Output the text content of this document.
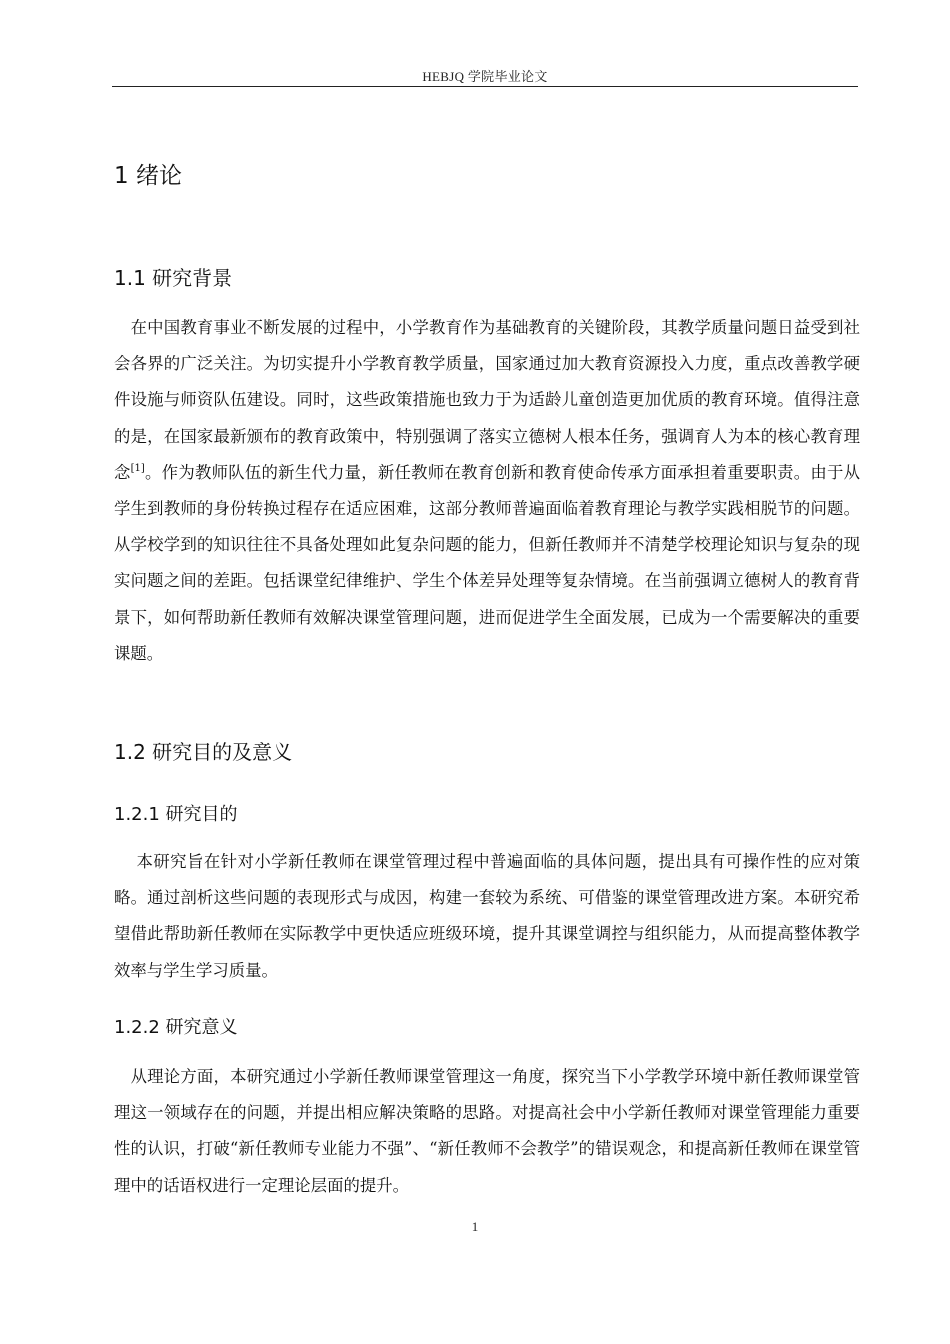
HEBJQ 学院毕业论文
1 绪论
1.1 研究背景

　在中国教育事业不断发展的过程中，小学教育作为基础教育的关键阶段，其教学质量问题日益受到社会各界的广泛关注。为切实提升小学教育教学质量，国家通过加大教育资源投入力度，重点改善教学硬件设施与师资队伍建设。同时，这些政策措施也致力于为适龄儿童创造更加优质的教育环境。值得注意的是，在国家最新颁布的教育政策中，特别强调了落实立德树人根本任务，强调育人为本的核心教育理念[1]。作为教师队伍的新生代力量，新任教师在教育创新和教育使命传承方面承担着重要职责。由于从学生到教师的身份转换过程存在适应困难，这部分教师普遍面临着教育理论与教学实践相脱节的问题。从学校学到的知识往往不具备处理如此复杂问题的能力，但新任教师并不清楚学校理论知识与复杂的现实问题之间的差距。包括课堂纪律维护、学生个体差异处理等复杂情境。在当前强调立德树人的教育背景下，如何帮助新任教师有效解决课堂管理问题，进而促进学生全面发展，已成为一个需要解决的重要课题。

1.2 研究目的及意义
1.2.1 研究目的

　 本研究旨在针对小学新任教师在课堂管理过程中普遍面临的具体问题，提出具有可操作性的应对策略。通过剖析这些问题的表现形式与成因，构建一套较为系统、可借鉴的课堂管理改进方案。本研究希望借此帮助新任教师在实际教学中更快适应班级环境，提升其课堂调控与组织能力，从而提高整体教学效率与学生学习质量。

1.2.2 研究意义

　从理论方面，本研究通过小学新任教师课堂管理这一角度，探究当下小学教学环境中新任教师课堂管理这一领域存在的问题，并提出相应解决策略的思路。对提高社会中小学新任教师对课堂管理能力重要性的认识，打破“新任教师专业能力不强”、“新任教师不会教学”的错误观念，和提高新任教师在课堂管理中的话语权进行一定理论层面的提升。

1
